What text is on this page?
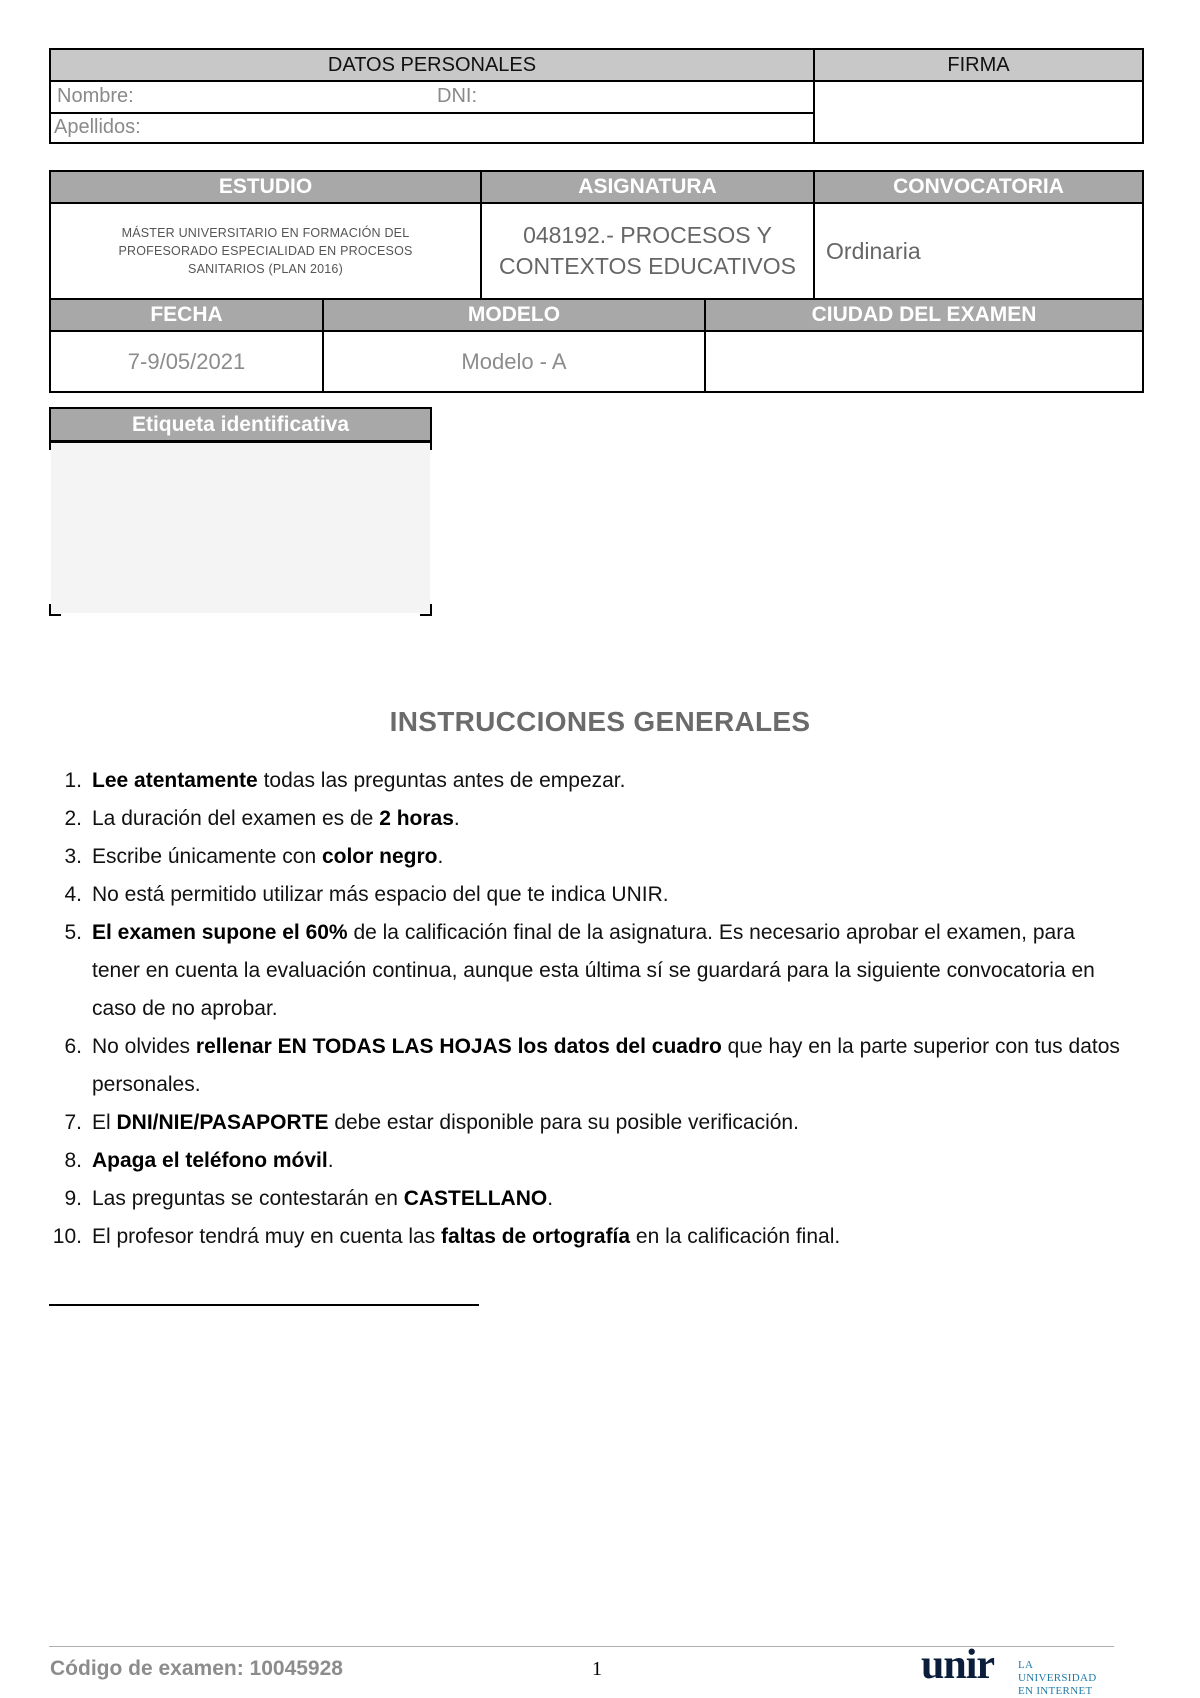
DATOS PERSONALES	FIRMA

Nombre: DNI:	

Apellidos:	
ESTUDIO		ASIGNATURA		CONVOCATORIA
MÁSTER UNIVERSITARIO EN FORMACIÓN DEL PROFESORADO ESPECIALIDAD EN PROCESOS SANITARIOS (PLAN 2016)		048192.- PROCESOS Y CONTEXTOS EDUCATIVOS		Ordinaria
FECHA	MODELO		CIUDAD DEL EXAMEN	
7-9/05/2021	Modelo - A			
Etiqueta identificativa
INSTRUCCIONES GENERALES
1. Lee atentamente todas las preguntas antes de empezar.
2. La duración del examen es de 2 horas.
3. Escribe únicamente con color negro.
4. No está permitido utilizar más espacio del que te indica UNIR.
5. El examen supone el 60% de la calificación final de la asignatura. Es necesario aprobar el examen, para tener en cuenta la evaluación continua, aunque esta última sí se guardará para la siguiente convocatoria en caso de no aprobar.
6. No olvides rellenar EN TODAS LAS HOJAS los datos del cuadro que hay en la parte superior con tus datos personales.
7. El DNI/NIE/PASAPORTE debe estar disponible para su posible verificación.
8. Apaga el teléfono móvil.
9. Las preguntas se contestarán en CASTELLANO.
10. El profesor tendrá muy en cuenta las faltas de ortografía en la calificación final.
Código de examen: 10045928	1	unir LA UNIVERSIDAD EN INTERNET
